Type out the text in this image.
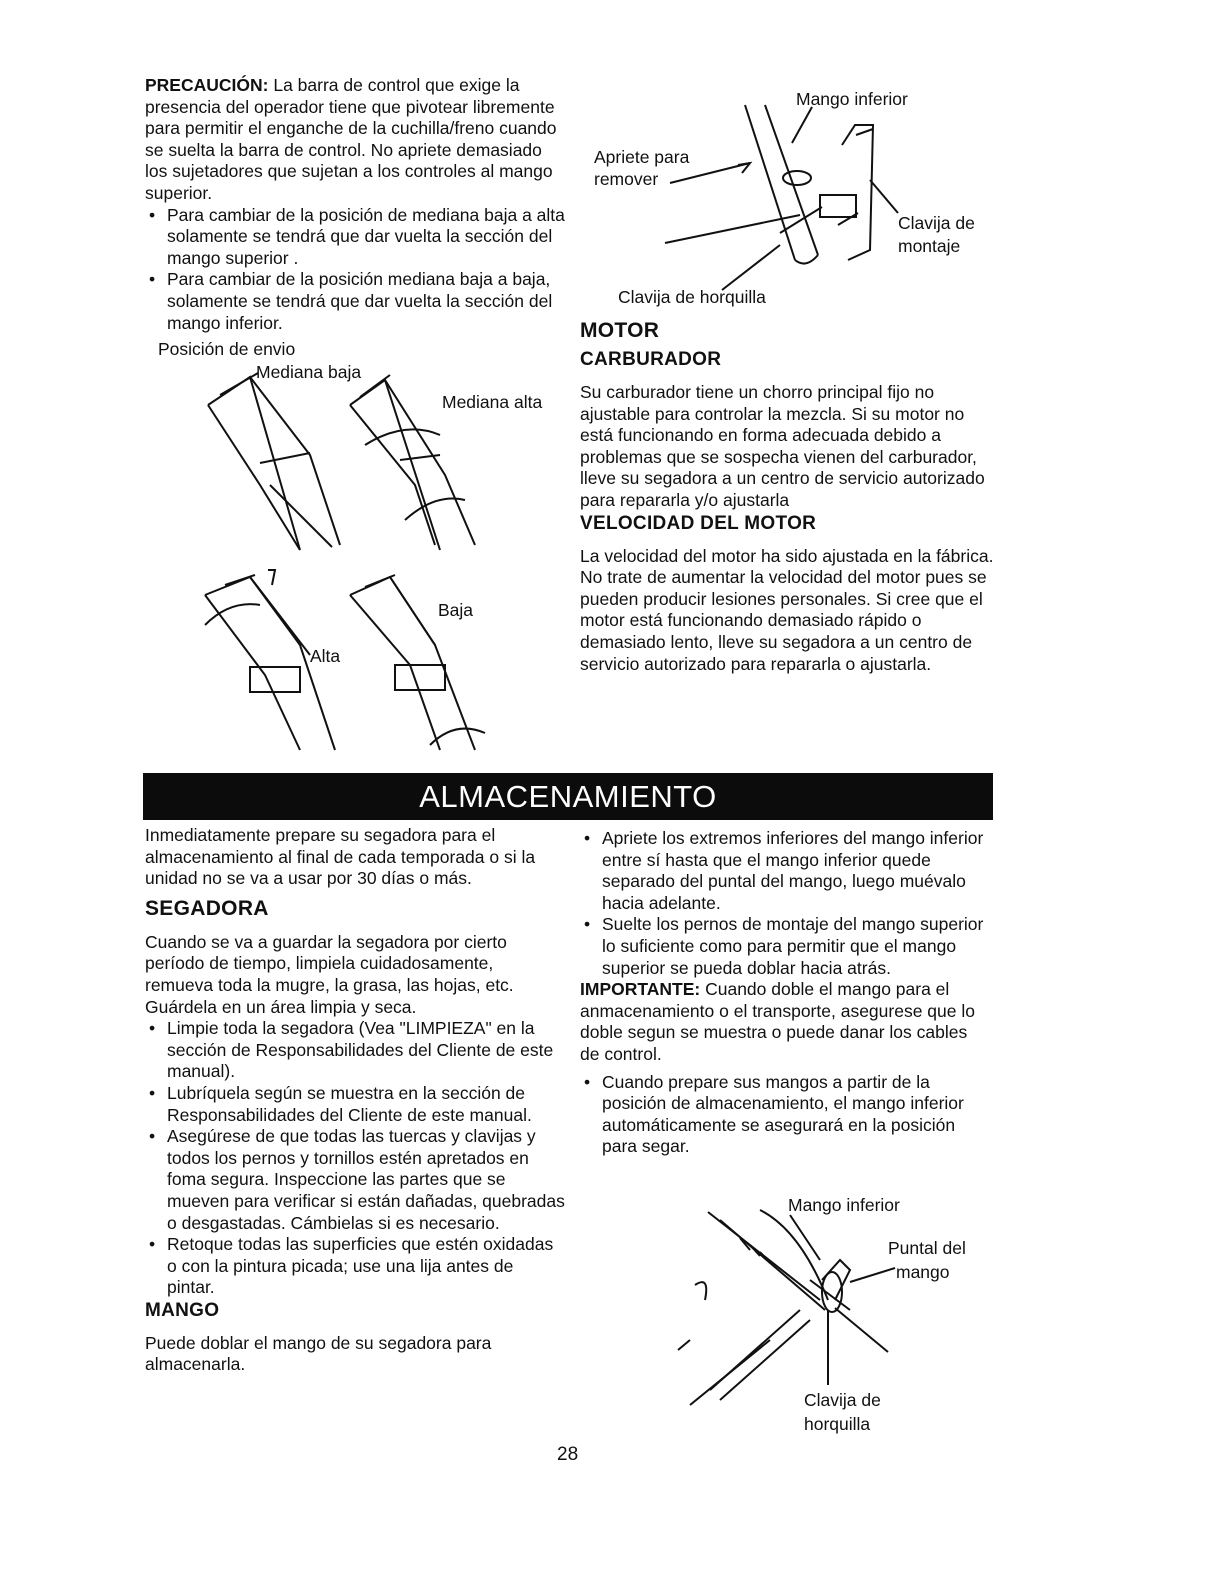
PRECAUCIÓN: La barra de control que exige la presencia del operador tiene que pivotear libremente para permitir el enganche de la cuchilla/freno cuando se suelta la barra de control. No apriete demasiado los sujetadores que sujetan a los controles al mango superior.

• Para cambiar de la posición de mediana baja a alta solamente se tendrá que dar vuelta la sección del mango superior .
• Para cambiar de la posición mediana baja a baja, solamente se tendrá que dar vuelta la sección del mango inferior.
Posición de envio
Mediana baja
Mediana alta
Baja
Alta
Mango inferior
Apriete para
remover
Clavija de
montaje
Clavija de horquilla
MOTOR
CARBURADOR

Su carburador tiene un chorro principal fijo no ajustable para controlar la mezcla. Si su motor no está funcionando en forma adecuada debido a problemas que se sospecha vienen del carburador, lleve su segadora a un centro de servicio autorizado para repararla y/o ajustarla

VELOCIDAD DEL MOTOR

La velocidad del motor ha sido ajustada en la fábrica. No trate de aumentar la velocidad del motor pues se pueden producir lesiones personales. Si cree que el motor está funcionando demasiado rápido o demasiado lento, lleve su segadora a un centro de servicio autorizado para repararla o ajustarla.

ALMACENAMIENTO

Inmediatamente prepare su segadora para el almacenamiento al final de cada temporada o si la unidad no se va a usar por 30 días o más.

SEGADORA

Cuando se va a guardar la segadora por cierto período de tiempo, limpiela cuidadosamente, remueva toda la mugre, la grasa, las hojas, etc. Guárdela en un área limpia y seca.

• Limpie toda la segadora (Vea "LIMPIEZA" en la sección de Responsabilidades del Cliente de este manual).
• Lubríquela según se muestra en la sección de Responsabilidades del Cliente de este manual.
• Asegúrese de que todas las tuercas y clavijas y todos los pernos y tornillos estén apretados en foma segura. Inspeccione las partes que se mueven para verificar si están dañadas, quebradas o desgastadas. Cámbielas si es necesario.
• Retoque todas las superficies que estén oxidadas o con la pintura picada; use una lija antes de pintar.
MANGO

Puede doblar el mango de su segadora para almacenarla.

• Apriete los extremos inferiores del mango inferior entre sí hasta que el mango inferior quede separado del puntal del mango, luego muévalo hacia adelante.
• Suelte los pernos de montaje del mango superior lo suficiente como para permitir que el mango superior se pueda doblar hacia atrás.

IMPORTANTE: Cuando doble el mango para el anmacenamiento o el transporte, asegurese que lo doble segun se muestra o puede danar los cables de control.

• Cuando prepare sus mangos a partir de la posición de almacenamiento, el mango inferior automáticamente se asegurará en la posición para segar.
Mango inferior
Puntal del
mango
Clavija de
horquilla
28
